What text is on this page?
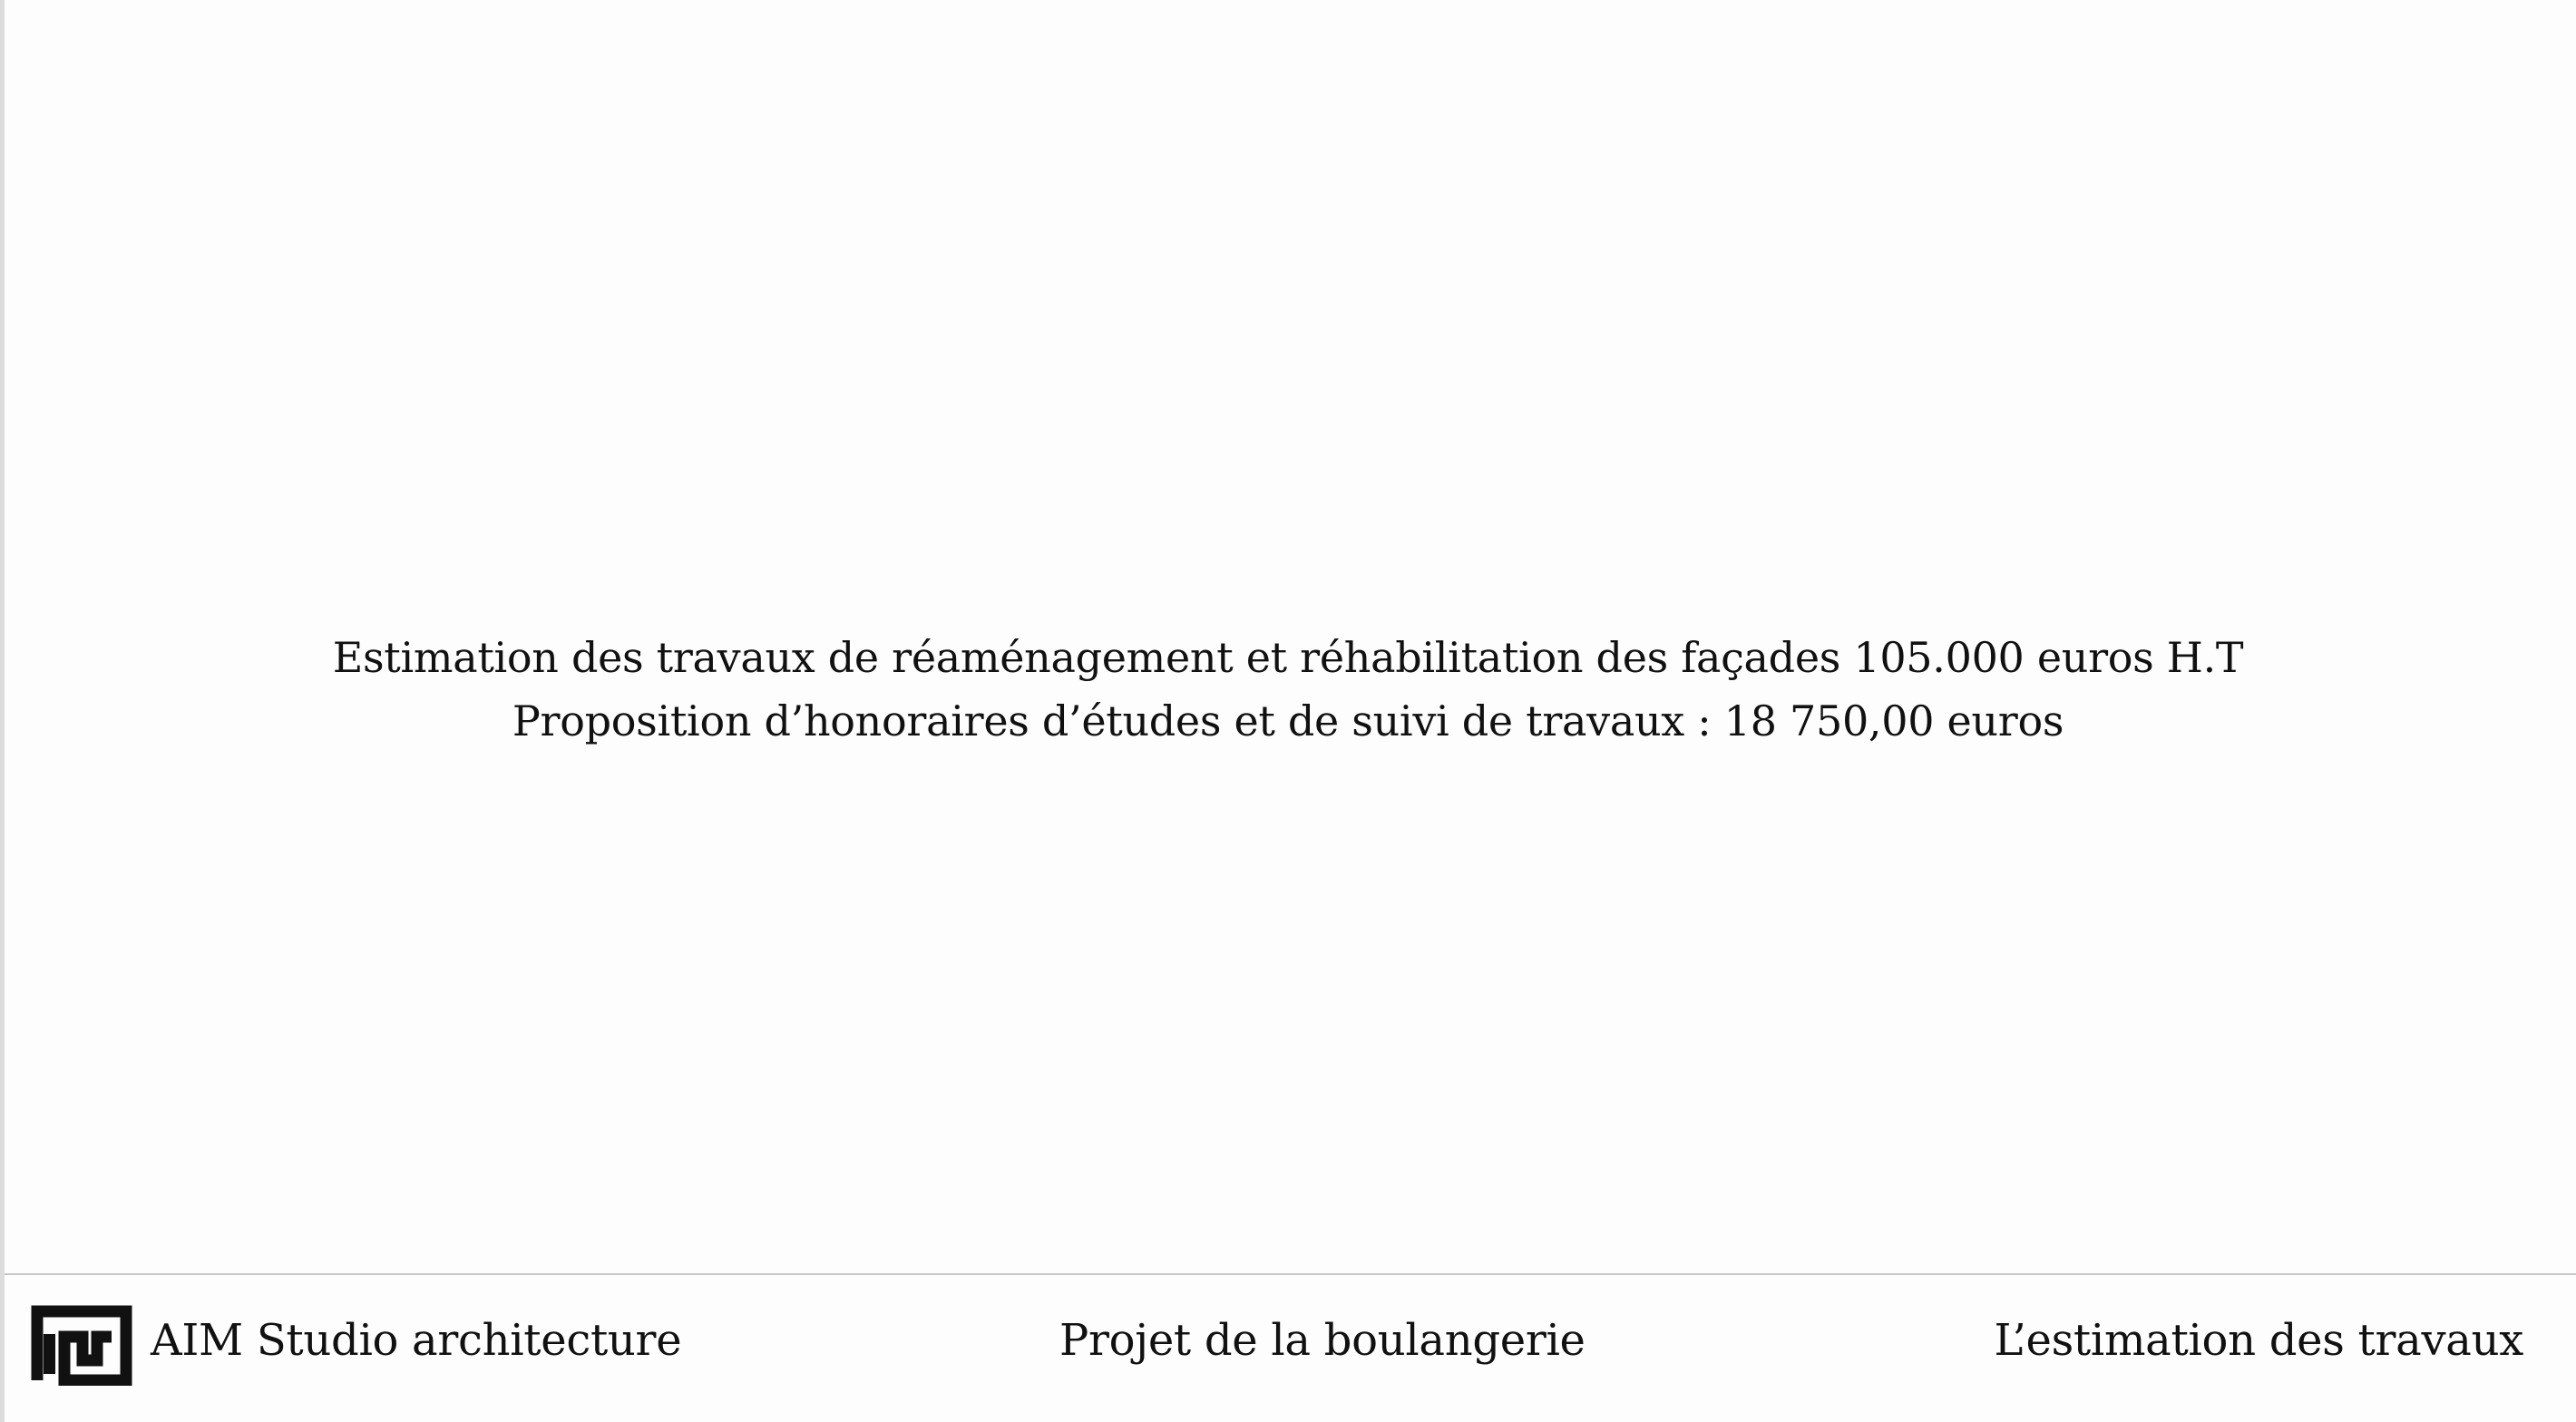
Estimation des travaux de réaménagement et réhabilitation des façades 105.000 euros H.T
Proposition d’honoraires d’études et de suivi de travaux : 18 750,00 euros
AIM Studio architecture	Projet de la boulangerie	L’estimation des travaux
